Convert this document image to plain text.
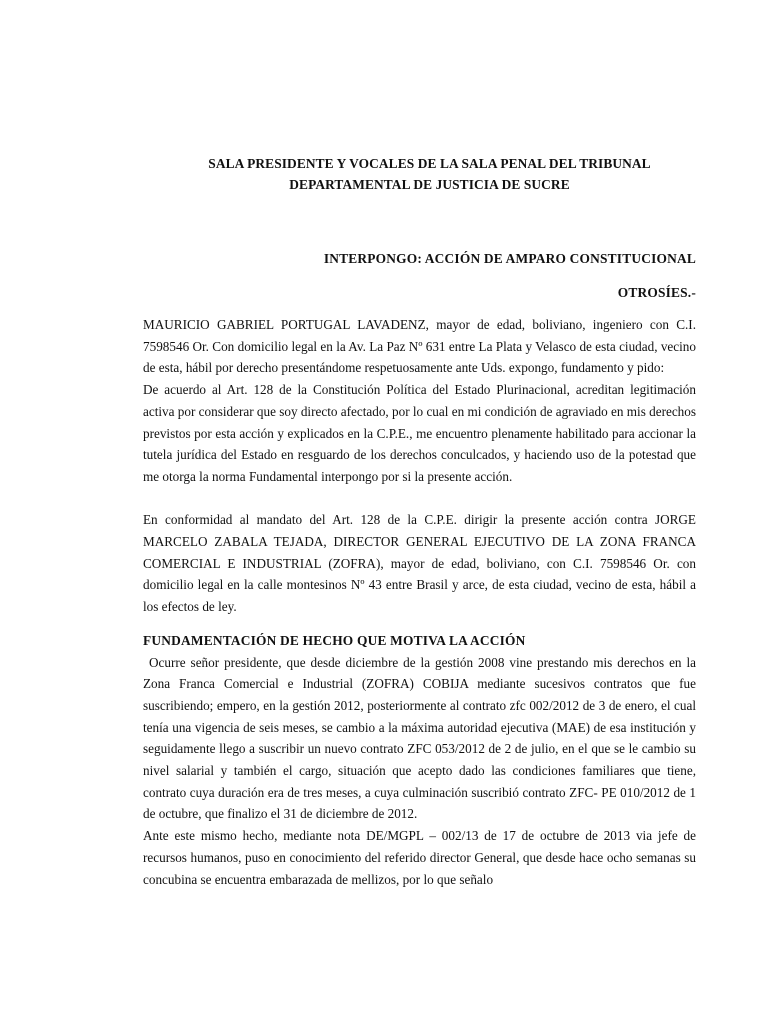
SALA PRESIDENTE Y VOCALES DE LA SALA PENAL DEL TRIBUNAL

DEPARTAMENTAL DE JUSTICIA DE SUCRE

INTERPONGO: ACCIÓN DE AMPARO CONSTITUCIONAL

OTROSÍES.-

MAURICIO GABRIEL PORTUGAL LAVADENZ, mayor de edad, boliviano, ingeniero con C.I. 7598546 Or. Con domicilio legal en la Av. La Paz Nº 631 entre La Plata y Velasco de esta ciudad, vecino de esta, hábil por derecho presentándome respetuosamente ante Uds. expongo, fundamento y pido:

De acuerdo al Art. 128 de la Constitución Política del Estado Plurinacional, acreditan legitimación activa por considerar que soy directo afectado, por lo cual en mi condición de agraviado en mis derechos previstos por esta acción y explicados en la C.P.E., me encuentro plenamente habilitado para accionar la tutela jurídica del Estado en resguardo de los derechos conculcados, y haciendo uso de la potestad que me otorga la norma Fundamental interpongo por si la presente acción.

En conformidad al mandato del Art. 128 de la C.P.E. dirigir la presente acción contra JORGE MARCELO ZABALA TEJADA, DIRECTOR GENERAL EJECUTIVO DE LA ZONA FRANCA COMERCIAL E INDUSTRIAL (ZOFRA), mayor de edad, boliviano, con C.I. 7598546 Or. con domicilio legal en la calle montesinos Nº 43 entre Brasil y arce, de esta ciudad, vecino de esta, hábil a los efectos de ley.

FUNDAMENTACIÓN DE HECHO QUE MOTIVA LA ACCIÓN

Ocurre señor presidente, que desde diciembre de la gestión 2008 vine prestando mis derechos en la Zona Franca Comercial e Industrial (ZOFRA) COBIJA mediante sucesivos contratos que fue suscribiendo; empero, en la gestión 2012, posteriormente al contrato zfc 002/2012 de 3 de enero, el cual tenía una vigencia de seis meses, se cambio a la máxima autoridad ejecutiva (MAE) de esa institución y seguidamente llego a suscribir un nuevo contrato ZFC 053/2012 de 2 de julio, en el que se le cambio su nivel salarial y también el cargo, situación que acepto dado las condiciones familiares que tiene, contrato cuya duración era de tres meses, a cuya culminación suscribió contrato ZFC- PE 010/2012 de 1 de octubre, que finalizo el 31 de diciembre de 2012.

Ante este mismo hecho, mediante nota DE/MGPL – 002/13 de 17 de octubre de 2013 via jefe de recursos humanos, puso en conocimiento del referido director General, que desde hace ocho semanas su concubina se encuentra embarazada de mellizos, por lo que señalo
